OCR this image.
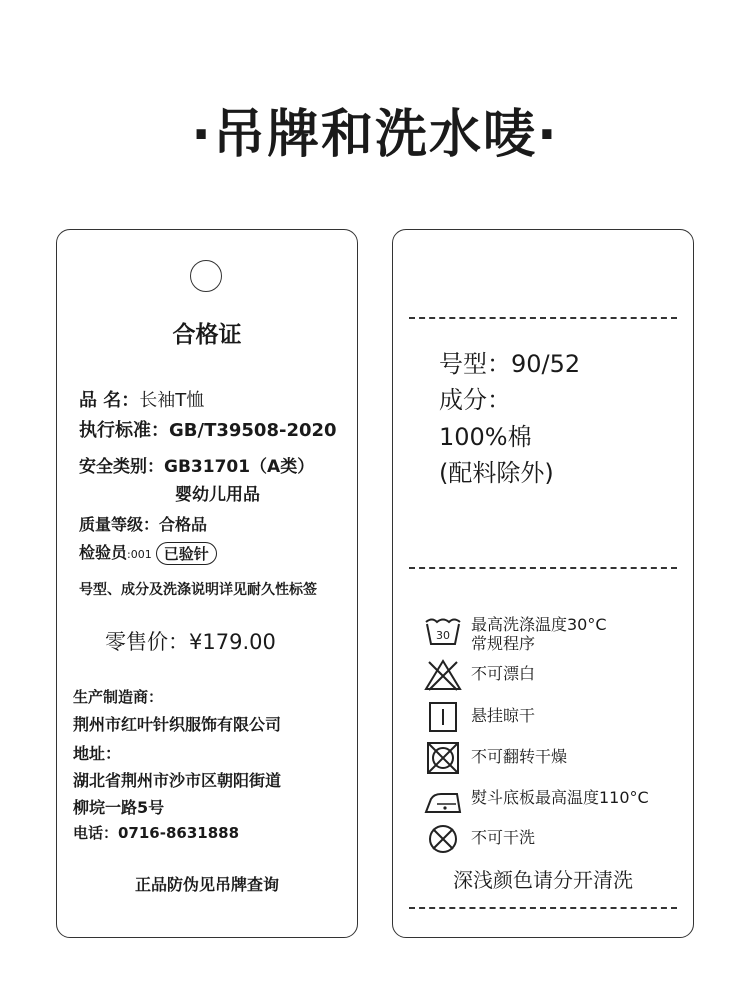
·吊牌和洗水唛·
合格证
品 名：长袖T恤
执行标准：GB/T39508-2020
安全类别：GB31701（A类）
婴幼儿用品
质量等级：合格品
检验员:001 已验针
号型、成分及洗涤说明详见耐久性标签
零售价：¥179.00
生产制造商：
荆州市红叶针织服饰有限公司
地址：
湖北省荆州市沙市区朝阳街道
柳垸一路5号
电话：0716-8631888
正品防伪见吊牌查询
号型：90/52
成分：
100%棉
(配料除外)
30
最高洗涤温度30°C
常规程序
不可漂白
悬挂晾干
不可翻转干燥
熨斗底板最高温度110°C
不可干洗
深浅颜色请分开清洗
